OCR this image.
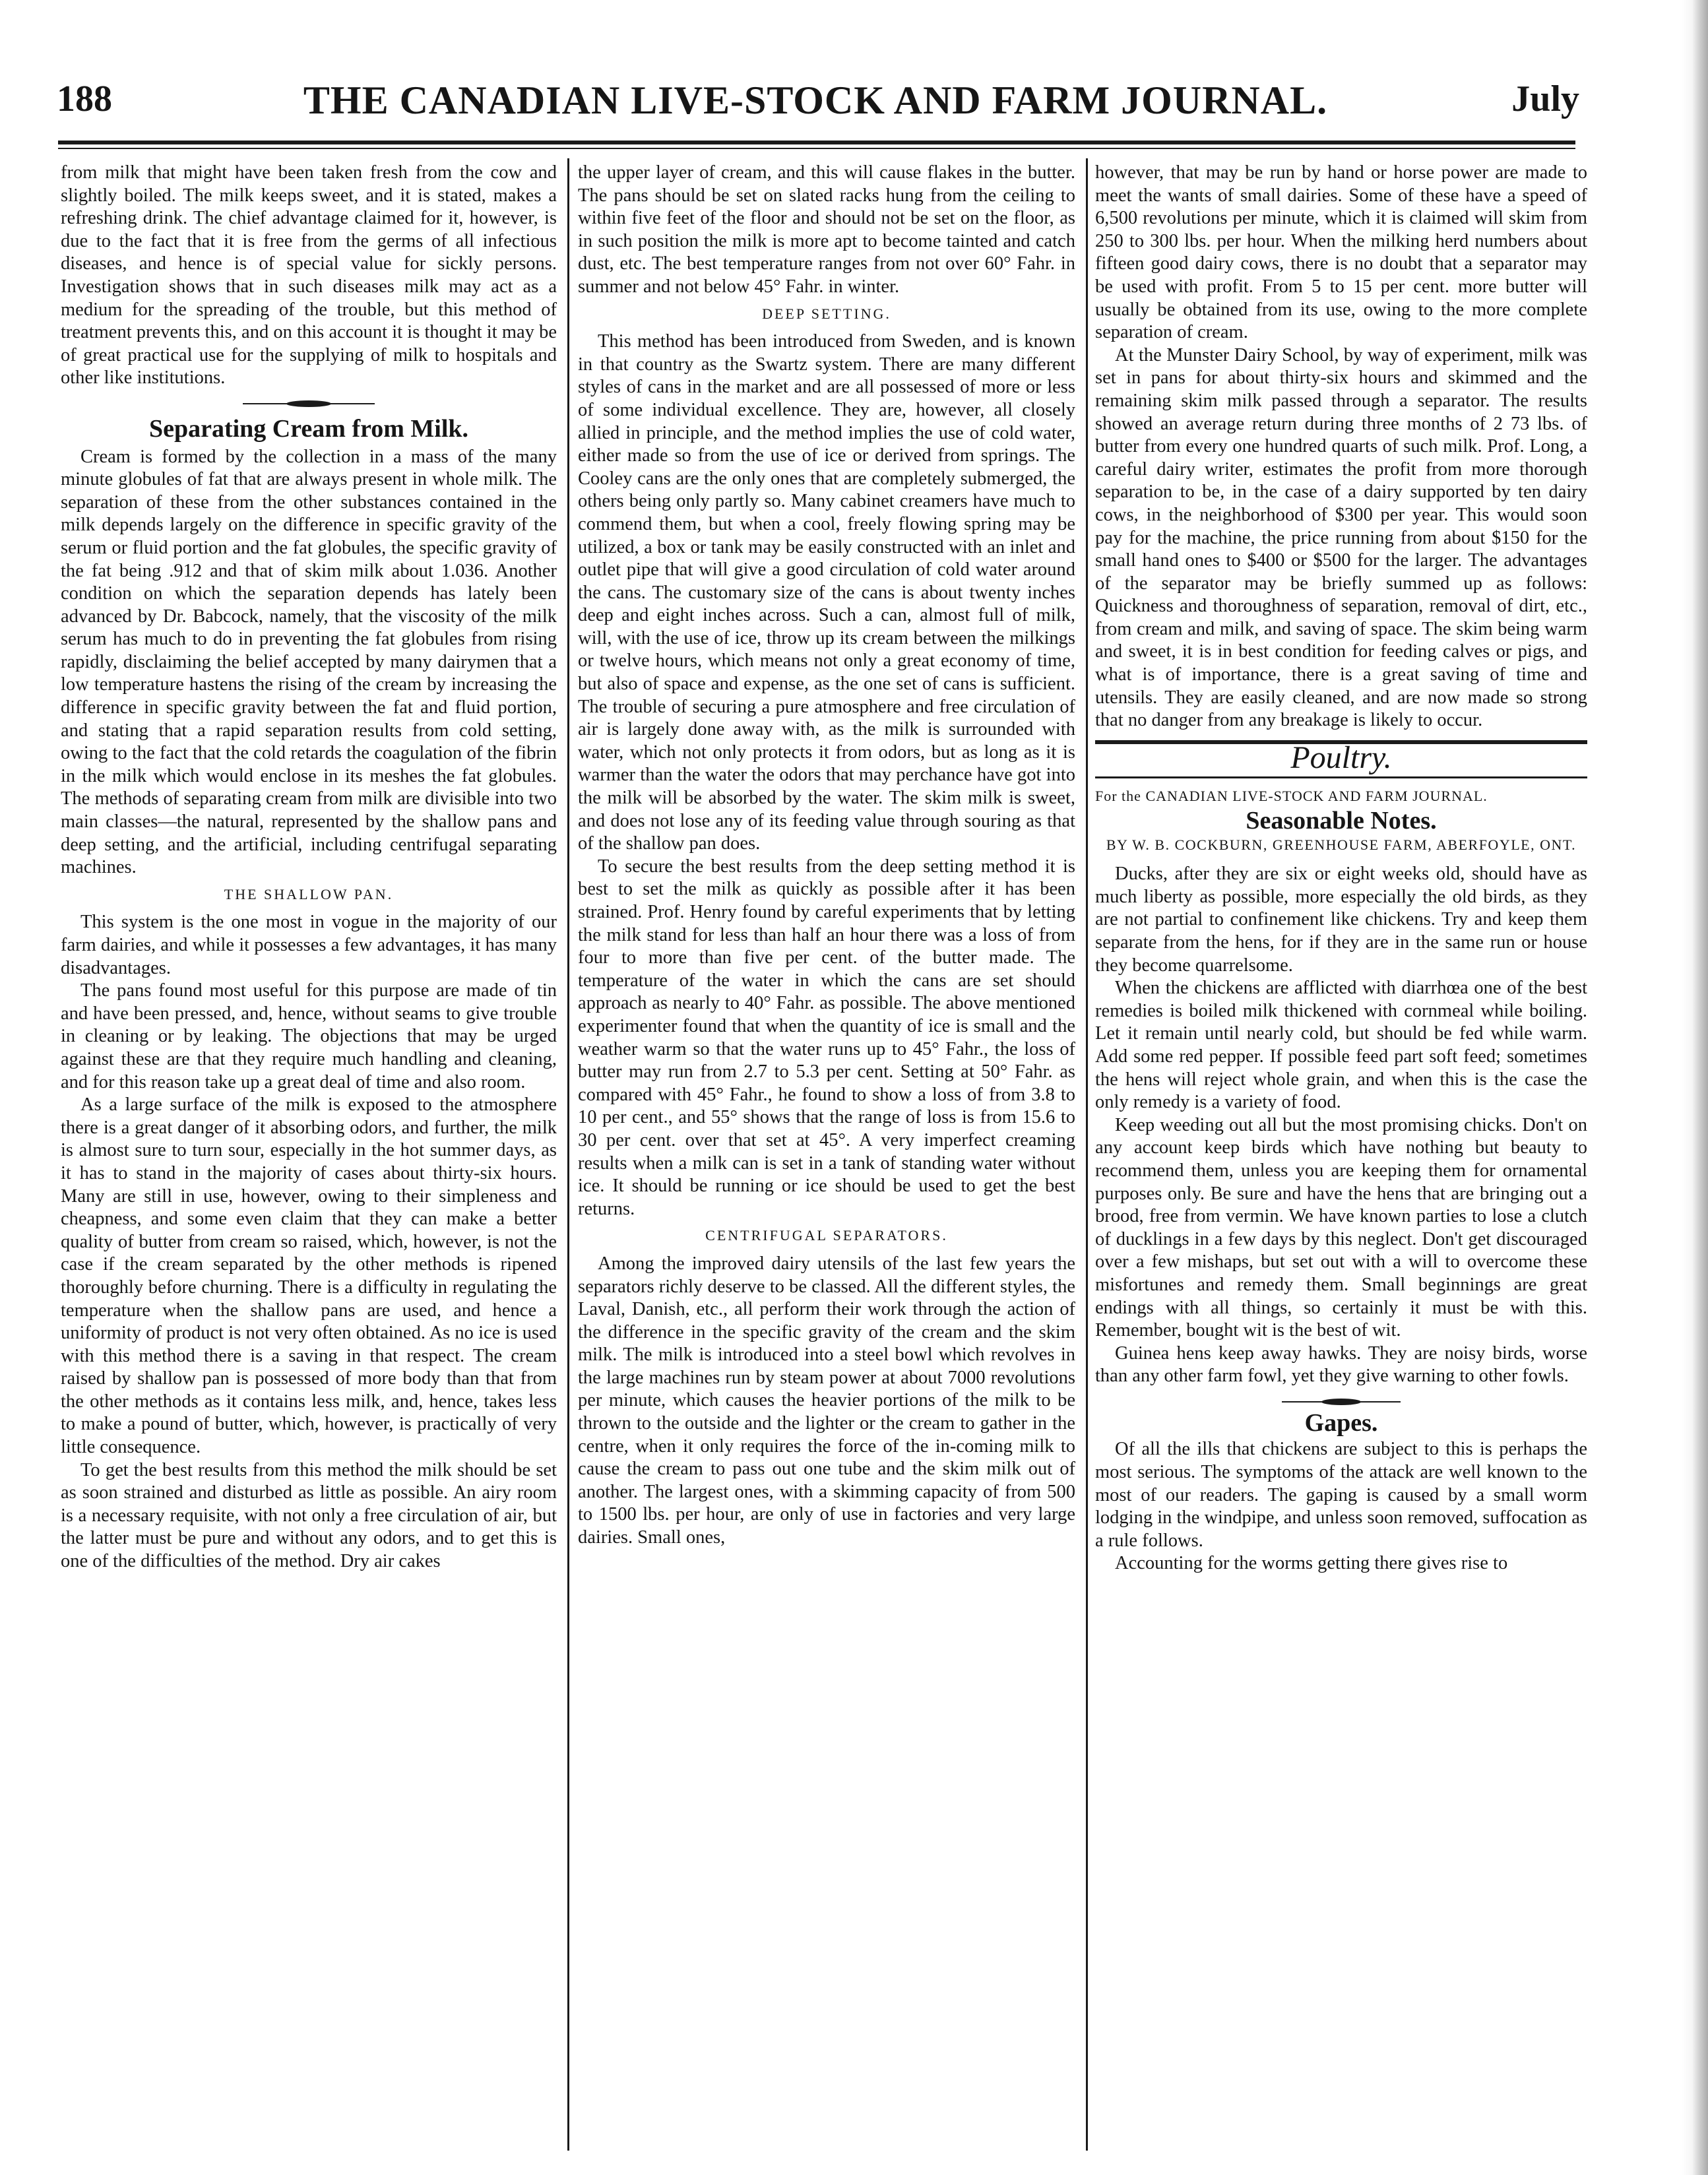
188	THE CANADIAN LIVE-STOCK AND FARM JOURNAL.	July

from milk that might have been taken fresh from the cow and slightly boiled. The milk keeps sweet, and it is stated, makes a refreshing drink. The chief advantage claimed for it, however, is due to the fact that it is free from the germs of all infectious diseases, and hence is of special value for sickly persons. Investigation shows that in such diseases milk may act as a medium for the spreading of the trouble, but this method of treatment prevents this, and on this account it is thought it may be of great practical use for the supplying of milk to hospitals and other like institutions.

Separating Cream from Milk.

Cream is formed by the collection in a mass of the many minute globules of fat that are always present in whole milk. The separation of these from the other substances contained in the milk depends largely on the difference in specific gravity of the serum or fluid portion and the fat globules, the specific gravity of the fat being .912 and that of skim milk about 1.036. Another condition on which the separation depends has lately been advanced by Dr. Babcock, namely, that the viscosity of the milk serum has much to do in preventing the fat globules from rising rapidly, disclaiming the belief accepted by many dairymen that a low temperature hastens the rising of the cream by increasing the difference in specific gravity between the fat and fluid portion, and stating that a rapid separation results from cold setting, owing to the fact that the cold retards the coagulation of the fibrin in the milk which would enclose in its meshes the fat globules. The methods of separating cream from milk are divisible into two main classes—the natural, represented by the shallow pans and deep setting, and the artificial, including centrifugal separating machines.

THE SHALLOW PAN.

This system is the one most in vogue in the majority of our farm dairies, and while it possesses a few advantages, it has many disadvantages.

The pans found most useful for this purpose are made of tin and have been pressed, and, hence, without seams to give trouble in cleaning or by leaking. The objections that may be urged against these are that they require much handling and cleaning, and for this reason take up a great deal of time and also room.

As a large surface of the milk is exposed to the atmosphere there is a great danger of it absorbing odors, and further, the milk is almost sure to turn sour, especially in the hot summer days, as it has to stand in the majority of cases about thirty-six hours. Many are still in use, however, owing to their simpleness and cheapness, and some even claim that they can make a better quality of butter from cream so raised, which, however, is not the case if the cream separated by the other methods is ripened thoroughly before churning. There is a difficulty in regulating the temperature when the shallow pans are used, and hence a uniformity of product is not very often obtained. As no ice is used with this method there is a saving in that respect. The cream raised by shallow pan is possessed of more body than that from the other methods as it contains less milk, and, hence, takes less to make a pound of butter, which, however, is practically of very little consequence.

To get the best results from this method the milk should be set as soon strained and disturbed as little as possible. An airy room is a necessary requisite, with not only a free circulation of air, but the latter must be pure and without any odors, and to get this is one of the difficulties of the method. Dry air cakes

the upper layer of cream, and this will cause flakes in the butter. The pans should be set on slated racks hung from the ceiling to within five feet of the floor and should not be set on the floor, as in such position the milk is more apt to become tainted and catch dust, etc. The best temperature ranges from not over 60° Fahr. in summer and not below 45° Fahr. in winter.

DEEP SETTING.

This method has been introduced from Sweden, and is known in that country as the Swartz system. There are many different styles of cans in the market and are all possessed of more or less of some individual excellence. They are, however, all closely allied in principle, and the method implies the use of cold water, either made so from the use of ice or derived from springs. The Cooley cans are the only ones that are completely submerged, the others being only partly so. Many cabinet creamers have much to commend them, but when a cool, freely flowing spring may be utilized, a box or tank may be easily constructed with an inlet and outlet pipe that will give a good circulation of cold water around the cans. The customary size of the cans is about twenty inches deep and eight inches across. Such a can, almost full of milk, will, with the use of ice, throw up its cream between the milkings or twelve hours, which means not only a great economy of time, but also of space and expense, as the one set of cans is sufficient. The trouble of securing a pure atmosphere and free circulation of air is largely done away with, as the milk is surrounded with water, which not only protects it from odors, but as long as it is warmer than the water the odors that may perchance have got into the milk will be absorbed by the water. The skim milk is sweet, and does not lose any of its feeding value through souring as that of the shallow pan does.

To secure the best results from the deep setting method it is best to set the milk as quickly as possible after it has been strained. Prof. Henry found by careful experiments that by letting the milk stand for less than half an hour there was a loss of from four to more than five per cent. of the butter made. The temperature of the water in which the cans are set should approach as nearly to 40° Fahr. as possible. The above mentioned experimenter found that when the quantity of ice is small and the weather warm so that the water runs up to 45° Fahr., the loss of butter may run from 2.7 to 5.3 per cent. Setting at 50° Fahr. as compared with 45° Fahr., he found to show a loss of from 3.8 to 10 per cent., and 55° shows that the range of loss is from 15.6 to 30 per cent. over that set at 45°. A very imperfect creaming results when a milk can is set in a tank of standing water without ice. It should be running or ice should be used to get the best returns.

CENTRIFUGAL SEPARATORS.

Among the improved dairy utensils of the last few years the separators richly deserve to be classed. All the different styles, the Laval, Danish, etc., all perform their work through the action of the difference in the specific gravity of the cream and the skim milk. The milk is introduced into a steel bowl which revolves in the large machines run by steam power at about 7000 revolutions per minute, which causes the heavier portions of the milk to be thrown to the outside and the lighter or the cream to gather in the centre, when it only requires the force of the in-coming milk to cause the cream to pass out one tube and the skim milk out of another. The largest ones, with a skimming capacity of from 500 to 1500 lbs. per hour, are only of use in factories and very large dairies. Small ones,

however, that may be run by hand or horse power are made to meet the wants of small dairies. Some of these have a speed of 6,500 revolutions per minute, which it is claimed will skim from 250 to 300 lbs. per hour. When the milking herd numbers about fifteen good dairy cows, there is no doubt that a separator may be used with profit. From 5 to 15 per cent. more butter will usually be obtained from its use, owing to the more complete separation of cream.

At the Munster Dairy School, by way of experiment, milk was set in pans for about thirty-six hours and skimmed and the remaining skim milk passed through a separator. The results showed an average return during three months of 2 73 lbs. of butter from every one hundred quarts of such milk. Prof. Long, a careful dairy writer, estimates the profit from more thorough separation to be, in the case of a dairy supported by ten dairy cows, in the neighborhood of $300 per year. This would soon pay for the machine, the price running from about $150 for the small hand ones to $400 or $500 for the larger. The advantages of the separator may be briefly summed up as follows: Quickness and thoroughness of separation, removal of dirt, etc., from cream and milk, and saving of space. The skim being warm and sweet, it is in best condition for feeding calves or pigs, and what is of importance, there is a great saving of time and utensils. They are easily cleaned, and are now made so strong that no danger from any breakage is likely to occur.

Poultry.
For the CANADIAN LIVE-STOCK AND FARM JOURNAL.
Seasonable Notes.
BY W. B. COCKBURN, GREENHOUSE FARM, ABERFOYLE, ONT.

Ducks, after they are six or eight weeks old, should have as much liberty as possible, more especially the old birds, as they are not partial to confinement like chickens. Try and keep them separate from the hens, for if they are in the same run or house they become quarrelsome.

When the chickens are afflicted with diarrhœa one of the best remedies is boiled milk thickened with cornmeal while boiling. Let it remain until nearly cold, but should be fed while warm. Add some red pepper. If possible feed part soft feed; sometimes the hens will reject whole grain, and when this is the case the only remedy is a variety of food.

Keep weeding out all but the most promising chicks. Don't on any account keep birds which have nothing but beauty to recommend them, unless you are keeping them for ornamental purposes only. Be sure and have the hens that are bringing out a brood, free from vermin. We have known parties to lose a clutch of ducklings in a few days by this neglect. Don't get discouraged over a few mishaps, but set out with a will to overcome these misfortunes and remedy them. Small beginnings are great endings with all things, so certainly it must be with this. Remember, bought wit is the best of wit.

Guinea hens keep away hawks. They are noisy birds, worse than any other farm fowl, yet they give warning to other fowls.

Gapes.

Of all the ills that chickens are subject to this is perhaps the most serious. The symptoms of the attack are well known to the most of our readers. The gaping is caused by a small worm lodging in the windpipe, and unless soon removed, suffocation as a rule follows.

Accounting for the worms getting there gives rise to
